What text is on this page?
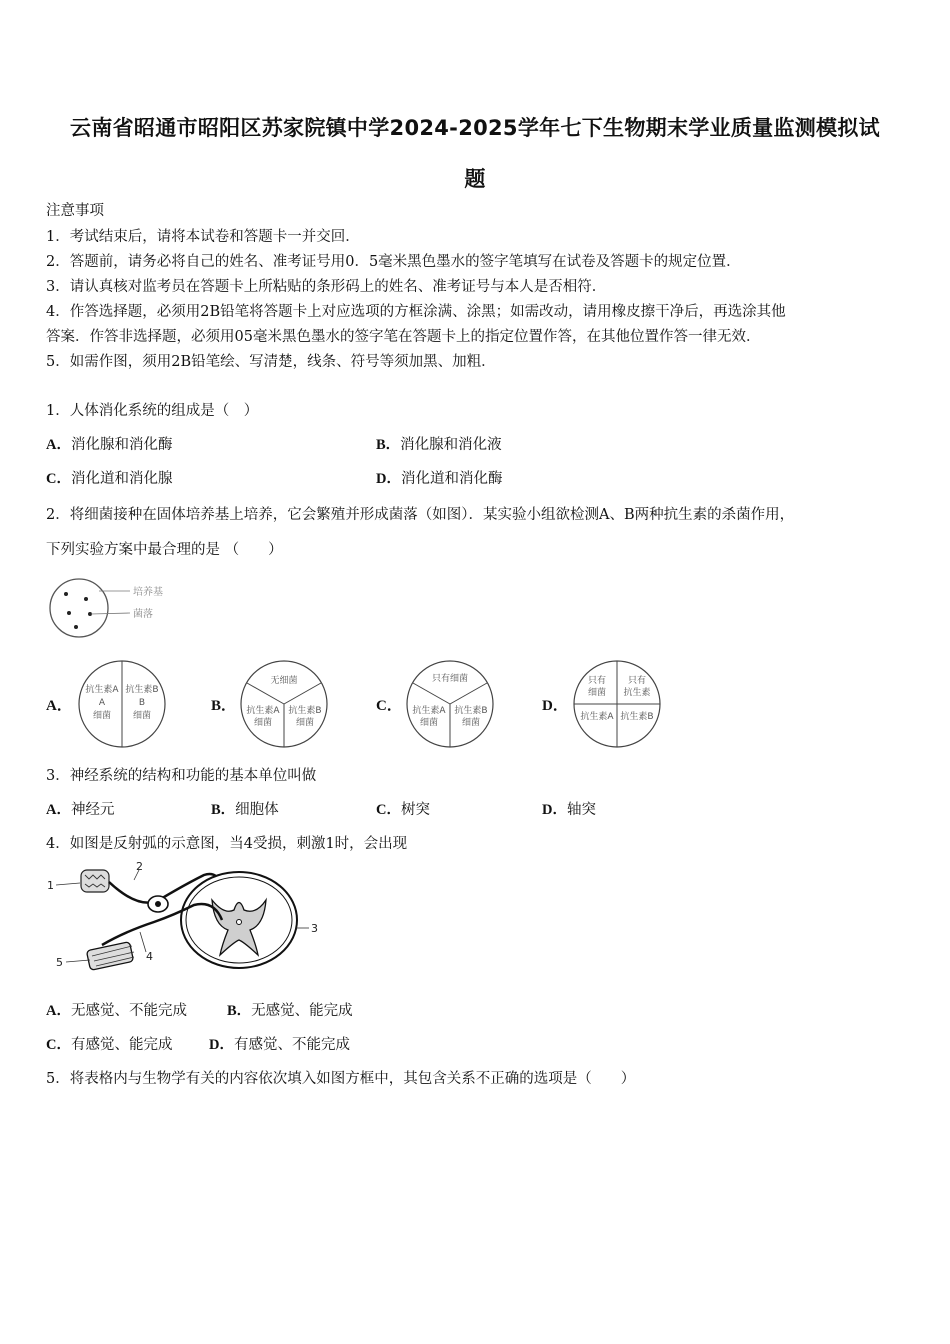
云南省昭通市昭阳区苏家院镇中学2024-2025学年七下生物期末学业质量监测模拟试
题
注意事项
1．考试结束后，请将本试卷和答题卡一并交回．
2．答题前，请务必将自己的姓名、准考证号用0．5毫米黑色墨水的签字笔填写在试卷及答题卡的规定位置．
3．请认真核对监考员在答题卡上所粘贴的条形码上的姓名、准考证号与本人是否相符．
4．作答选择题，必须用2B铅笔将答题卡上对应选项的方框涂满、涂黑；如需改动，请用橡皮擦干净后，再选涂其他
答案．作答非选择题，必须用05毫米黑色墨水的签字笔在答题卡上的指定位置作答，在其他位置作答一律无效．
5．如需作图，须用2B铅笔绘、写清楚，线条、符号等须加黑、加粗．
1．人体消化系统的组成是（　）
A．消化腺和消化酶	B．消化腺和消化液
C．消化道和消化腺	D．消化道和消化酶
2．将细菌接种在固体培养基上培养，它会繁殖并形成菌落（如图）．某实验小组欲检测A、B两种抗生素的杀菌作用，
下列实验方案中最合理的是 （　　）
培养基
菌落
A．
抗生素A 抗生素B
A	B
细菌 细菌
B．
无细菌
抗生素A 抗生素B
细菌	细菌
C．
只有细菌
抗生素A 抗生素B
细菌	细菌
D．
只有
细菌
只有
抗生素
抗生素A 抗生素B
3．神经系统的结构和功能的基本单位叫做
A．神经元	B．细胞体	C．树突	D．轴突
4．如图是反射弧的示意图，当4受损，刺激1时，会出现
1
2
3
4
5
A．无感觉、不能完成	B．无感觉、能完成
C．有感觉、能完成	D．有感觉、不能完成
5．将表格内与生物学有关的内容依次填入如图方框中，其包含关系不正确的选项是（　　）
